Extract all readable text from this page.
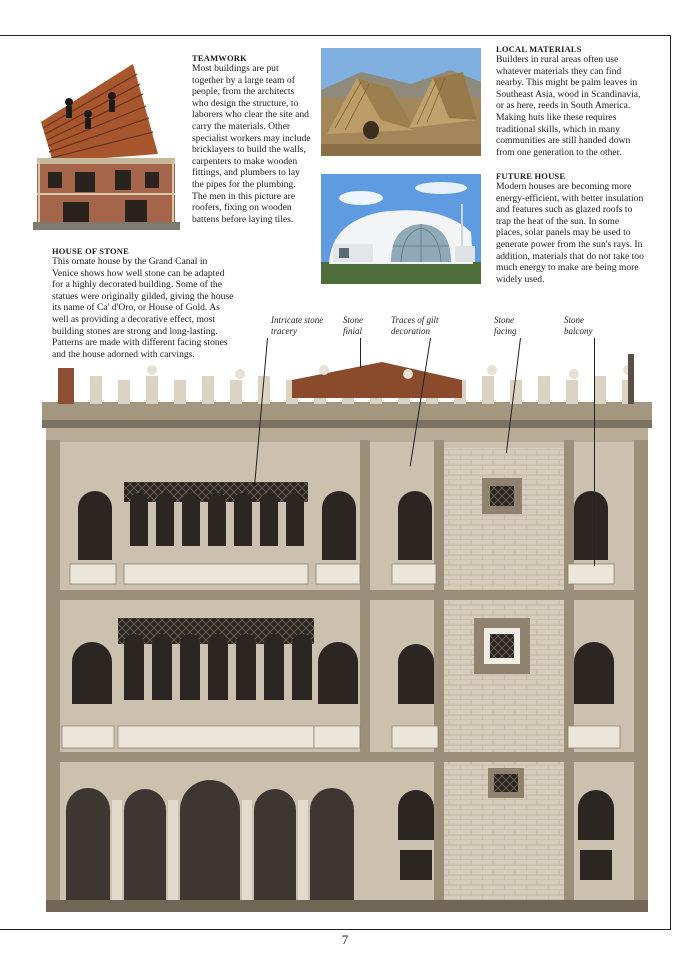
TEAMWORK

Most buildings are put together by a large team of people, from the architects who design the structure, to laborers who clear the site and carry the materials. Other specialist workers may include bricklayers to build the walls, carpenters to make wooden fittings, and plumbers to lay the pipes for the plumbing. The men in this picture are roofers, fixing on wooden battens before laying tiles.

LOCAL MATERIALS

Builders in rural areas often use whatever materials they can find nearby. This might be palm leaves in Southeast Asia, wood in Scandinavia, or as here, reeds in South America. Making huts like these requires traditional skills, which in many communities are still handed down from one generation to the other.

FUTURE HOUSE

Modern houses are becoming more energy-efficient, with better insulation and features such as glazed roofs to trap the heat of the sun. In some places, solar panels may be used to generate power from the sun's rays. In addition, materials that do not take too much energy to make are being more widely used.

HOUSE OF STONE

This ornate house by the Grand Canal in Venice shows how well stone can be adapted for a highly decorated building. Some of the statues were originally gilded, giving the house its name of Ca' d'Oro, or House of Gold. As well as providing a decorative effect, most building stones are strong and long-lasting. Patterns are made with different facing stones and the house adorned with carvings.

Intricate stone tracery
Stone finial
Traces of gilt decoration
Stone facing
Stone balcony
7
